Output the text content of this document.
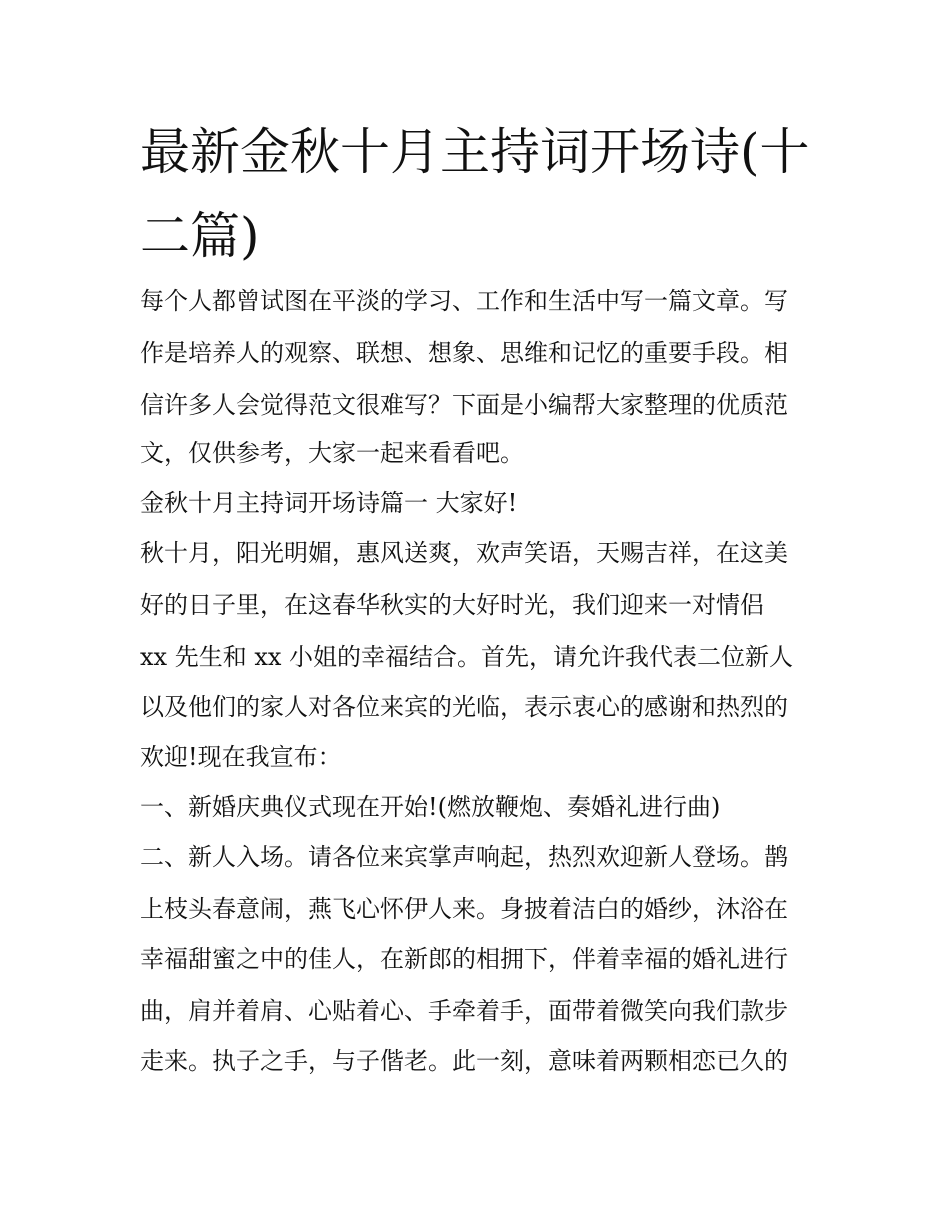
最新金秋十月主持词开场诗(十二篇)

每个人都曾试图在平淡的学习、工作和生活中写一篇文章。写

作是培养人的观察、联想、想象、思维和记忆的重要手段。相

信许多人会觉得范文很难写？下面是小编帮大家整理的优质范

文，仅供参考，大家一起来看看吧。

金秋十月主持词开场诗篇一 大家好!

秋十月，阳光明媚，惠风送爽，欢声笑语，天赐吉祥，在这美

好的日子里，在这春华秋实的大好时光，我们迎来一对情侣

xx 先生和 xx 小姐的幸福结合。首先，请允许我代表二位新人

以及他们的家人对各位来宾的光临，表示衷心的感谢和热烈的

欢迎!现在我宣布：

一、新婚庆典仪式现在开始!(燃放鞭炮、奏婚礼进行曲)

二、新人入场。请各位来宾掌声响起，热烈欢迎新人登场。鹊

上枝头春意闹，燕飞心怀伊人来。身披着洁白的婚纱，沐浴在

幸福甜蜜之中的佳人，在新郎的相拥下，伴着幸福的婚礼进行

曲，肩并着肩、心贴着心、手牵着手，面带着微笑向我们款步

走来。执子之手，与子偕老。此一刻，意味着两颗相恋已久的
